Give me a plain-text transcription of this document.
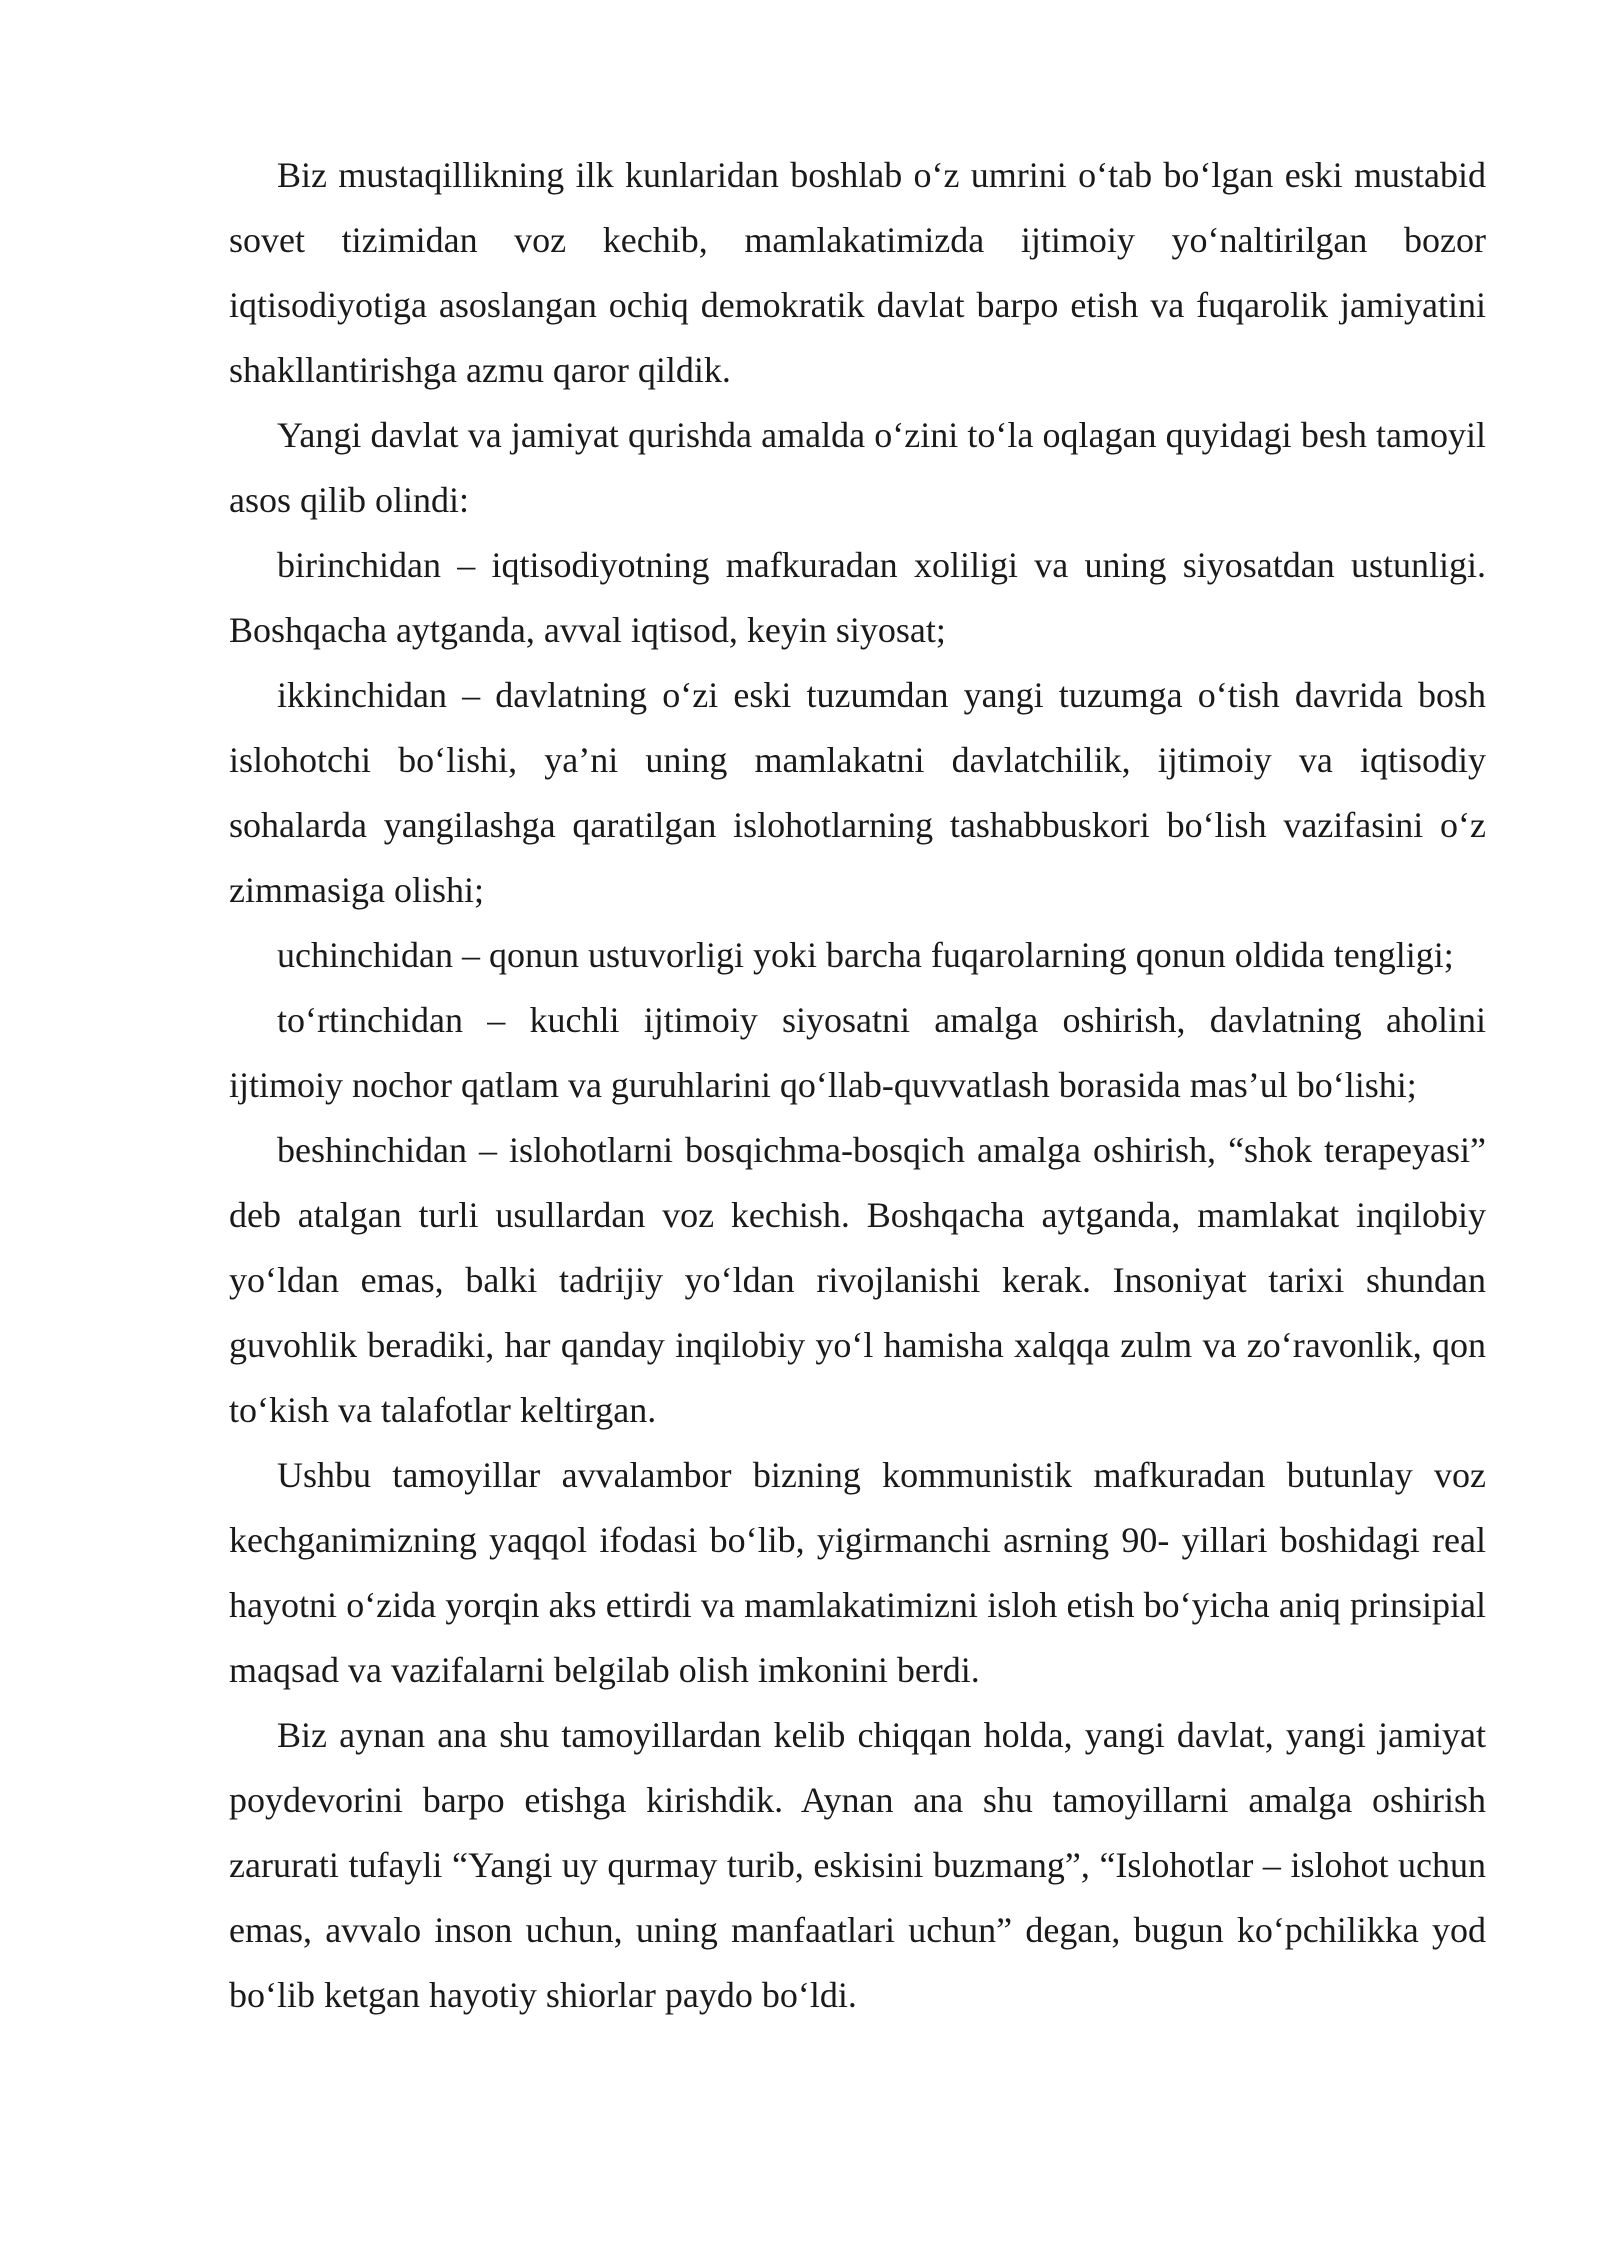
Biz mustaqillikning ilk kunlaridan boshlab o‘z umrini o‘tab bo‘lgan eski mustabid sovet tizimidan voz kechib, mamlakatimizda ijtimoiy yo‘naltirilgan bozor iqtisodiyotiga asoslangan ochiq demokratik davlat barpo etish va fuqarolik jamiyatini shakllantirishga azmu qaror qildik.

Yangi davlat va jamiyat qurishda amalda o‘zini to‘la oqlagan quyidagi besh tamoyil asos qilib olindi:

birinchidan – iqtisodiyotning mafkuradan xoliligi va uning siyosatdan ustunligi. Boshqacha aytganda, avval iqtisod, keyin siyosat;

ikkinchidan – davlatning o‘zi eski tuzumdan yangi tuzumga o‘tish davrida bosh islohotchi bo‘lishi, ya’ni uning mamlakatni davlatchilik, ijtimoiy va iqtisodiy sohalarda yangilashga qaratilgan islohotlarning tashabbuskori bo‘lish vazifasini o‘z zimmasiga olishi;

uchinchidan – qonun ustuvorligi yoki barcha fuqarolarning qonun oldida tengligi;

to‘rtinchidan – kuchli ijtimoiy siyosatni amalga oshirish, davlatning aholini ijtimoiy nochor qatlam va guruhlarini qo‘llab-quvvatlash borasida mas’ul bo‘lishi;

beshinchidan – islohotlarni bosqichma-bosqich amalga oshirish, “shok terapeyasi” deb atalgan turli usullardan voz kechish. Boshqacha aytganda, mamlakat inqilobiy yo‘ldan emas, balki tadrijiy yo‘ldan rivojlanishi kerak. Insoniyat tarixi shundan guvohlik beradiki, har qanday inqilobiy yo‘l hamisha xalqqa zulm va zo‘ravonlik, qon to‘kish va talafotlar keltirgan.

Ushbu tamoyillar avvalambor bizning kommunistik mafkuradan butunlay voz kechganimizning yaqqol ifodasi bo‘lib, yigirmanchi asrning 90- yillari boshidagi real hayotni o‘zida yorqin aks ettirdi va mamlakatimizni isloh etish bo‘yicha aniq prinsipial maqsad va vazifalarni belgilab olish imkonini berdi.

Biz aynan ana shu tamoyillardan kelib chiqqan holda, yangi davlat, yangi jamiyat poydevorini barpo etishga kirishdik. Aynan ana shu tamoyillarni amalga oshirish zarurati tufayli “Yangi uy qurmay turib, eskisini buzmang”, “Islohotlar – islohot uchun emas, avvalo inson uchun, uning manfaatlari uchun” degan, bugun ko‘pchilikka yod bo‘lib ketgan hayotiy shiorlar paydo bo‘ldi.
